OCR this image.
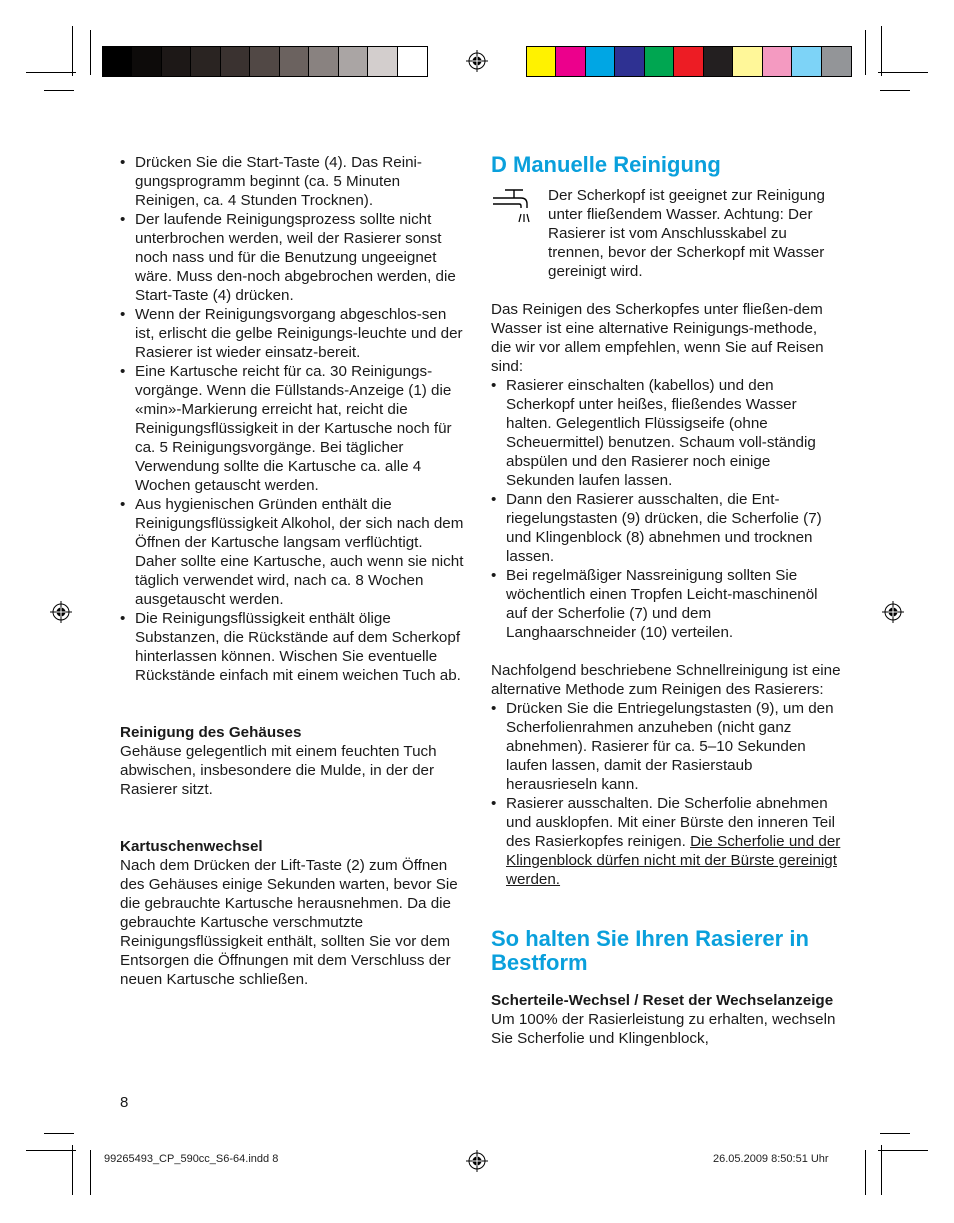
• Drücken Sie die Start-Taste (4). Das Reini-gungsprogramm beginnt (ca. 5 Minuten Reinigen, ca. 4 Stunden Trocknen).
• Der laufende Reinigungsprozess sollte nicht unterbrochen werden, weil der Rasierer sonst noch nass und für die Benutzung ungeeignet wäre. Muss den-noch abgebrochen werden, die Start-Taste (4) drücken.
• Wenn der Reinigungsvorgang abgeschlos-sen ist, erlischt die gelbe Reinigungs-leuchte und der Rasierer ist wieder einsatz-bereit.
• Eine Kartusche reicht für ca. 30 Reinigungs-vorgänge. Wenn die Füllstands-Anzeige (1) die «min»-Markierung erreicht hat, reicht die Reinigungsflüssigkeit in der Kartusche noch für ca. 5 Reinigungsvorgänge. Bei täglicher Verwendung sollte die Kartusche ca. alle 4 Wochen getauscht werden.
• Aus hygienischen Gründen enthält die Reinigungsflüssigkeit Alkohol, der sich nach dem Öffnen der Kartusche langsam verflüchtigt. Daher sollte eine Kartusche, auch wenn sie nicht täglich verwendet wird, nach ca. 8 Wochen ausgetauscht werden.
• Die Reinigungsflüssigkeit enthält ölige Substanzen, die Rückstände auf dem Scherkopf hinterlassen können. Wischen Sie eventuelle Rückstände einfach mit einem weichen Tuch ab.

Reinigung des Gehäuses

Gehäuse gelegentlich mit einem feuchten Tuch abwischen, insbesondere die Mulde, in der der Rasierer sitzt.

Kartuschenwechsel

Nach dem Drücken der Lift-Taste (2) zum Öffnen des Gehäuses einige Sekunden warten, bevor Sie die gebrauchte Kartusche herausnehmen. Da die gebrauchte Kartusche verschmutzte Reinigungsflüssigkeit enthält, sollten Sie vor dem Entsorgen die Öffnungen mit dem Verschluss der neuen Kartusche schließen.

D Manuelle Reinigung

Der Scherkopf ist geeignet zur Reinigung unter fließendem Wasser. Achtung: Der Rasierer ist vom Anschlusskabel zu trennen, bevor der Scherkopf mit Wasser gereinigt wird.

Das Reinigen des Scherkopfes unter fließen-dem Wasser ist eine alternative Reinigungs-methode, die wir vor allem empfehlen, wenn Sie auf Reisen sind:

• Rasierer einschalten (kabellos) und den Scherkopf unter heißes, fließendes Wasser halten. Gelegentlich Flüssigseife (ohne Scheuermittel) benutzen. Schaum voll-ständig abspülen und den Rasierer noch einige Sekunden laufen lassen.
• Dann den Rasierer ausschalten, die Ent-riegelungstasten (9) drücken, die Scherfolie (7) und Klingenblock (8) abnehmen und trocknen lassen.
• Bei regelmäßiger Nassreinigung sollten Sie wöchentlich einen Tropfen Leicht-maschinenöl auf der Scherfolie (7) und dem Langhaarschneider (10) verteilen.

Nachfolgend beschriebene Schnellreinigung ist eine alternative Methode zum Reinigen des Rasierers:

• Drücken Sie die Entriegelungstasten (9), um den Scherfolienrahmen anzuheben (nicht ganz abnehmen). Rasierer für ca. 5–10 Sekunden laufen lassen, damit der Rasierstaub herausrieseln kann.
• Rasierer ausschalten. Die Scherfolie abnehmen und ausklopfen. Mit einer Bürste den inneren Teil des Rasierkopfes reinigen. Die Scherfolie und der Klingenblock dürfen nicht mit der Bürste gereinigt werden.
So halten Sie Ihren Rasierer in Bestform

Scherteile-Wechsel / Reset der Wechselanzeige

Um 100% der Rasierleistung zu erhalten, wechseln Sie Scherfolie und Klingenblock,

8
99265493_CP_590cc_S6-64.indd 8	26.05.2009 8:50:51 Uhr
